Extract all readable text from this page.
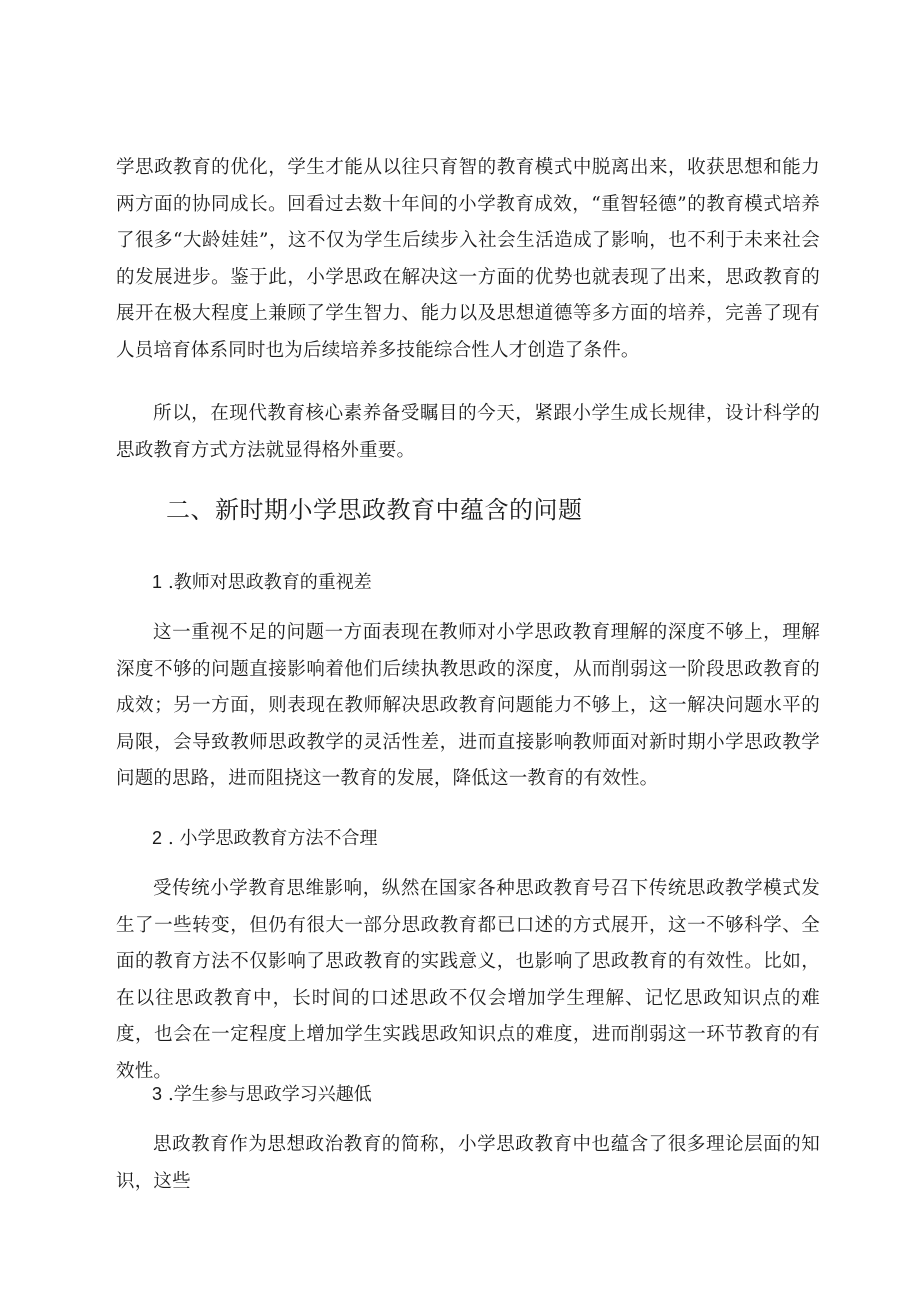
学思政教育的优化，学生才能从以往只育智的教育模式中脱离出来，收获思想和能力两方面的协同成长。回看过去数十年间的小学教育成效，“重智轻德”的教育模式培养了很多“大龄娃娃”，这不仅为学生后续步入社会生活造成了影响，也不利于未来社会的发展进步。鉴于此，小学思政在解决这一方面的优势也就表现了出来，思政教育的展开在极大程度上兼顾了学生智力、能力以及思想道德等多方面的培养，完善了现有人员培育体系同时也为后续培养多技能综合性人才创造了条件。

所以，在现代教育核心素养备受瞩目的今天，紧跟小学生成长规律，设计科学的思政教育方式方法就显得格外重要。

二、新时期小学思政教育中蕴含的问题
1 .教师对思政教育的重视差

这一重视不足的问题一方面表现在教师对小学思政教育理解的深度不够上，理解深度不够的问题直接影响着他们后续执教思政的深度，从而削弱这一阶段思政教育的成效；另一方面，则表现在教师解决思政教育问题能力不够上，这一解决问题水平的局限，会导致教师思政教学的灵活性差，进而直接影响教师面对新时期小学思政教学问题的思路，进而阻挠这一教育的发展，降低这一教育的有效性。

2 . 小学思政教育方法不合理

受传统小学教育思维影响，纵然在国家各种思政教育号召下传统思政教学模式发生了一些转变，但仍有很大一部分思政教育都已口述的方式展开，这一不够科学、全面的教育方法不仅影响了思政教育的实践意义，也影响了思政教育的有效性。比如，在以往思政教育中，长时间的口述思政不仅会增加学生理解、记忆思政知识点的难度，也会在一定程度上增加学生实践思政知识点的难度，进而削弱这一环节教育的有效性。

3 .学生参与思政学习兴趣低

思政教育作为思想政治教育的简称，小学思政教育中也蕴含了很多理论层面的知识，这些
